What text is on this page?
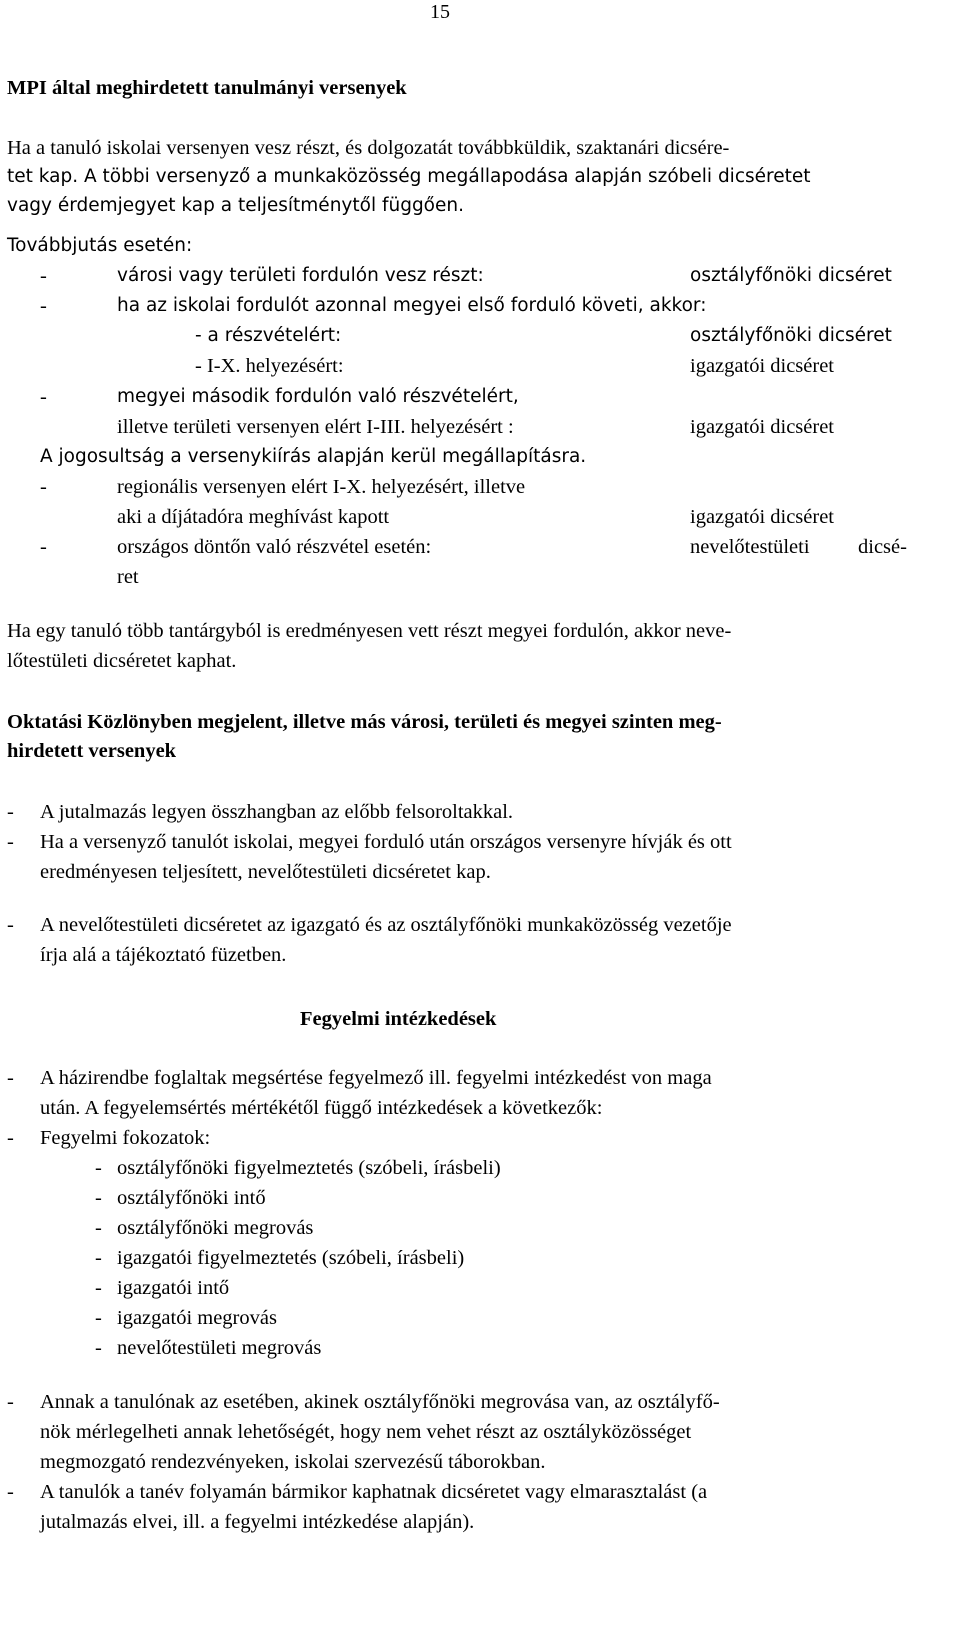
15
MPI által meghirdetett tanulmányi versenyek
Ha a tanuló iskolai versenyen vesz részt, és dolgozatát továbbküldik, szaktanári dicsére-
tet kap. A többi versenyző a munkaközösség megállapodása alapján szóbeli dicséretet
vagy érdemjegyet kap a teljesítménytől függően.
Továbbjutás esetén:
-	városi vagy területi fordulón vesz részt:	osztályfőnöki dicséret
-	ha az iskolai fordulót azonnal megyei első forduló követi, akkor:
- a részvételért:	osztályfőnöki dicséret
- I-X. helyezésért:	igazgatói dicséret
-	megyei második fordulón való részvételért,
illetve területi versenyen elért I-III. helyezésért :	igazgatói dicséret
A jogosultság a versenykiírás alapján kerül megállapításra.
-	regionális versenyen elért I-X. helyezésért, illetve
aki a díjátadóra meghívást kapott	igazgatói dicséret
-	országos döntőn való részvétel esetén:	nevelőtestületi dicsé-
ret
Ha egy tanuló több tantárgyból is eredményesen vett részt megyei fordulón, akkor neve-
lőtestületi dicséretet kaphat.
Oktatási Közlönyben megjelent, illetve más városi, területi és megyei szinten meg-
hirdetett versenyek
- A jutalmazás legyen összhangban az előbb felsoroltakkal.
- Ha a versenyző tanulót iskolai, megyei forduló után országos versenyre hívják és ott
eredményesen teljesített, nevelőtestületi dicséretet kap.
- A nevelőtestületi dicséretet az igazgató és az osztályfőnöki munkaközösség vezetője
írja alá a tájékoztató füzetben.
Fegyelmi intézkedések
- A házirendbe foglaltak megsértése fegyelmező ill. fegyelmi intézkedést von maga
után. A fegyelemsértés mértékétől függő intézkedések a következők:
- Fegyelmi fokozatok:
- osztályfőnöki figyelmeztetés (szóbeli, írásbeli)
- osztályfőnöki intő
- osztályfőnöki megrovás
- igazgatói figyelmeztetés (szóbeli, írásbeli)
- igazgatói intő
- igazgatói megrovás
- nevelőtestületi megrovás
- Annak a tanulónak az esetében, akinek osztályfőnöki megrovása van, az osztályfő-
nök mérlegelheti annak lehetőségét, hogy nem vehet részt az osztályközösséget
megmozgató rendezvényeken, iskolai szervezésű táborokban.
- A tanulók a tanév folyamán bármikor kaphatnak dicséretet vagy elmarasztalást (a
jutalmazás elvei, ill. a fegyelmi intézkedése alapján).
